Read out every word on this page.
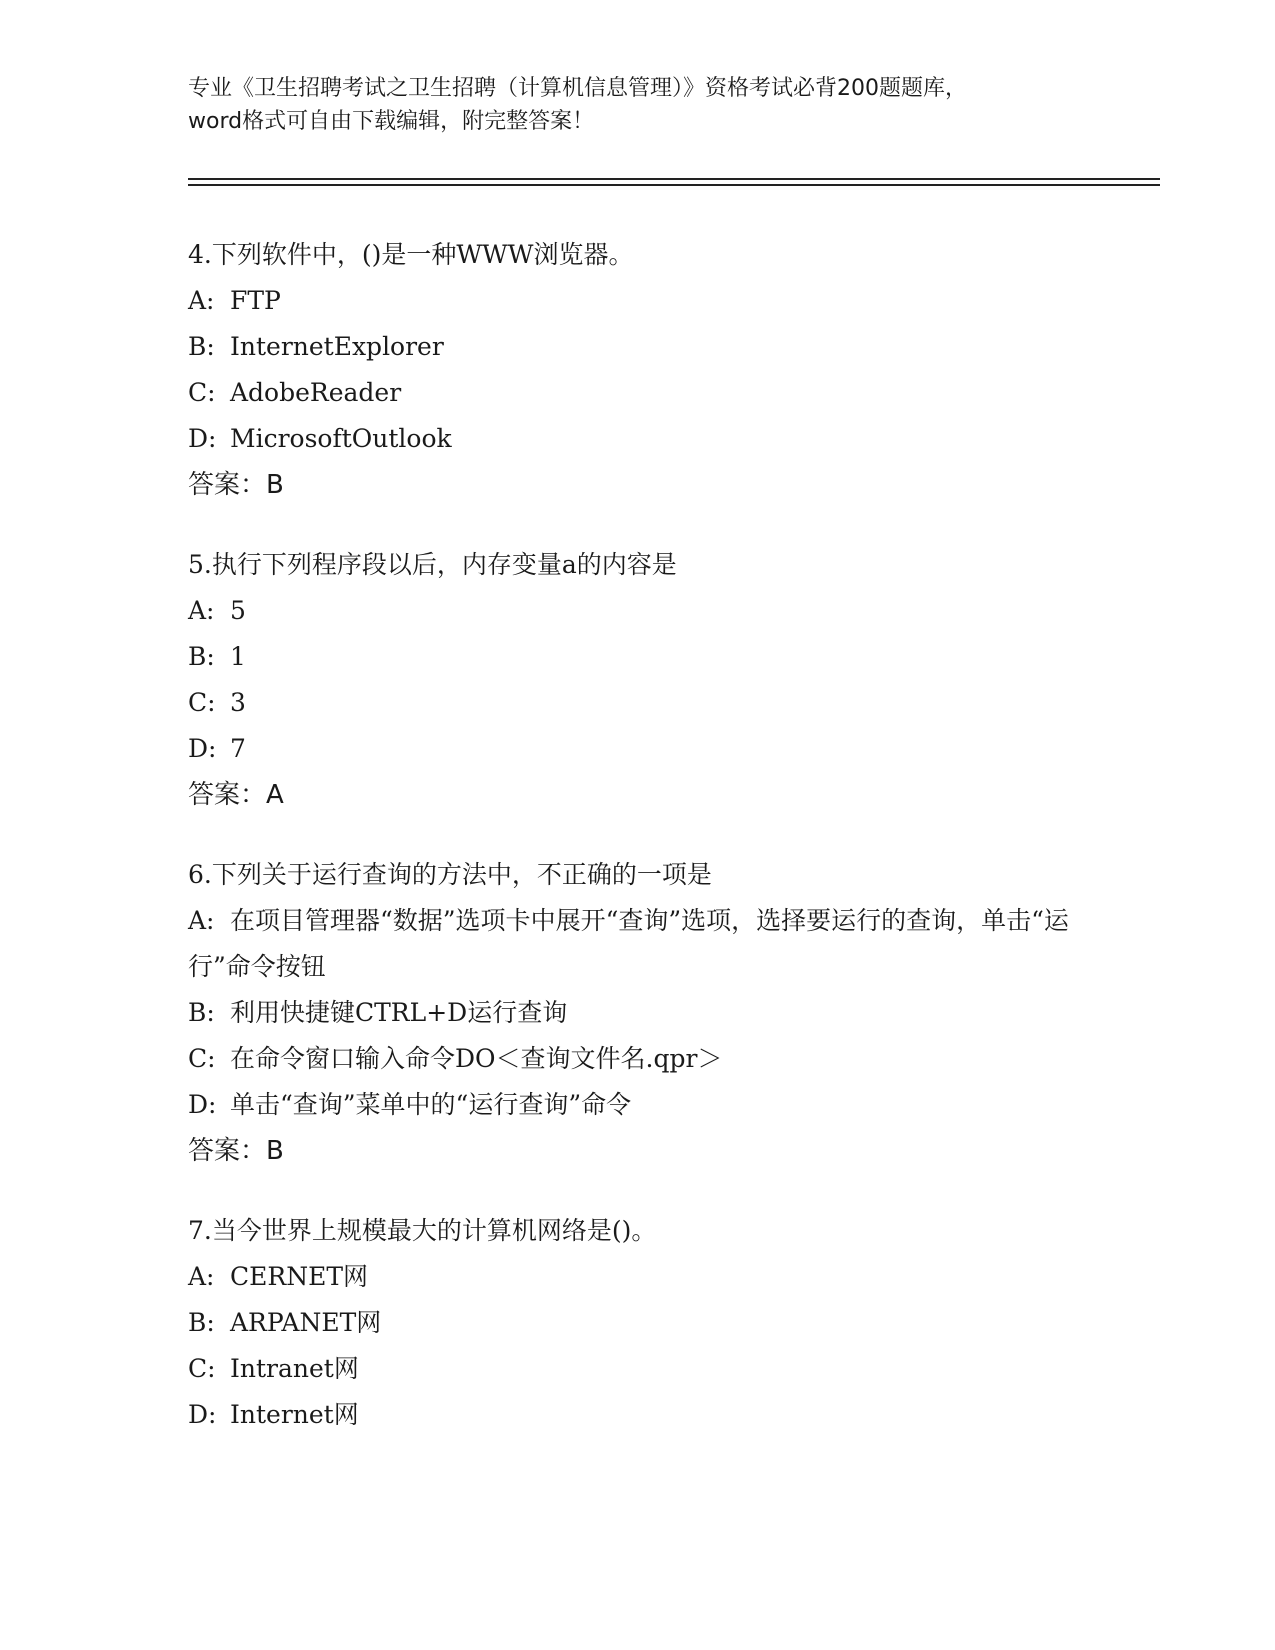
专业《卫生招聘考试之卫生招聘（计算机信息管理）》资格考试必背200题题库，

word格式可自由下载编辑，附完整答案！

4.下列软件中，()是一种WWW浏览器。

A: FTP

B: InternetExplorer

C: AdobeReader

D: MicrosoftOutlook

答案：B

5.执行下列程序段以后，内存变量a的内容是

A: 5

B: 1

C: 3

D: 7

答案：A

6.下列关于运行查询的方法中，不正确的一项是

A: 在项目管理器“数据”选项卡中展开“查询”选项，选择要运行的查询，单击“运行”命令按钮

B: 利用快捷键CTRL+D运行查询

C: 在命令窗口输入命令DO＜查询文件名.qpr＞

D: 单击“查询”菜单中的“运行查询”命令

答案：B

7.当今世界上规模最大的计算机网络是()。

A: CERNET网

B: ARPANET网

C: Intranet网

D: Internet网
